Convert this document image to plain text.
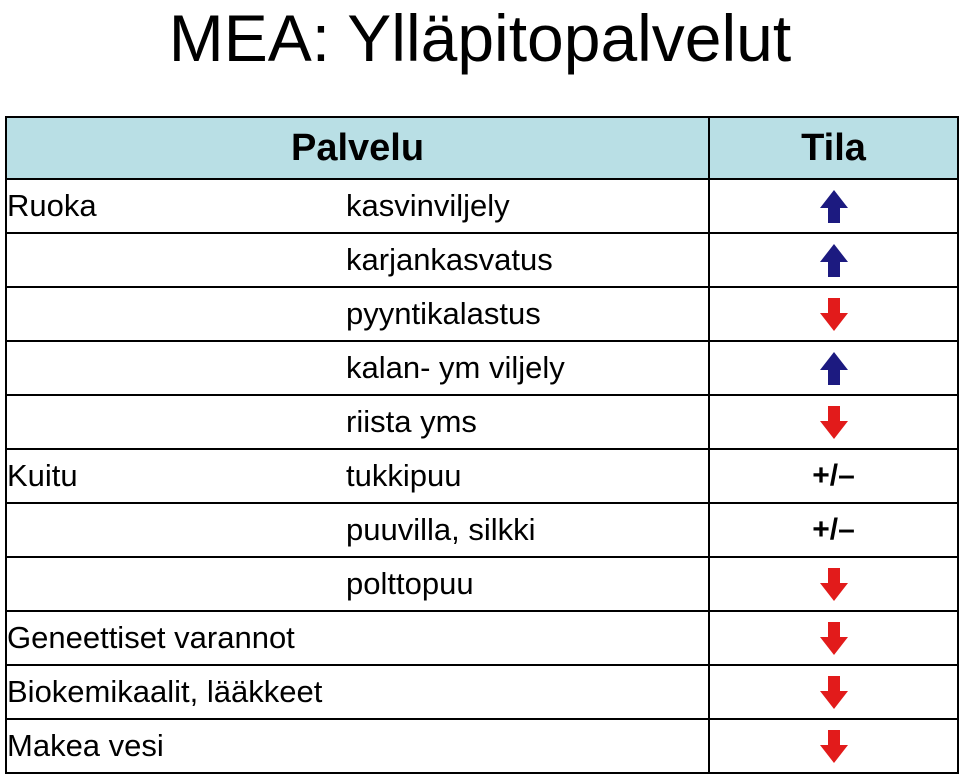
MEA: Ylläpitopalvelut
Palvelu		Tila
Ruoka	kasvinviljely	

	karjankasvatus	

	pyyntikalastus	

	kalan- ym viljely	

	riista yms	

Kuitu	tukkipuu	+/–
	puuvilla, silkki	+/–
	polttopuu	

Geneettiset varannot	

Biokemikaalit, lääkkeet	

Makea vesi	
